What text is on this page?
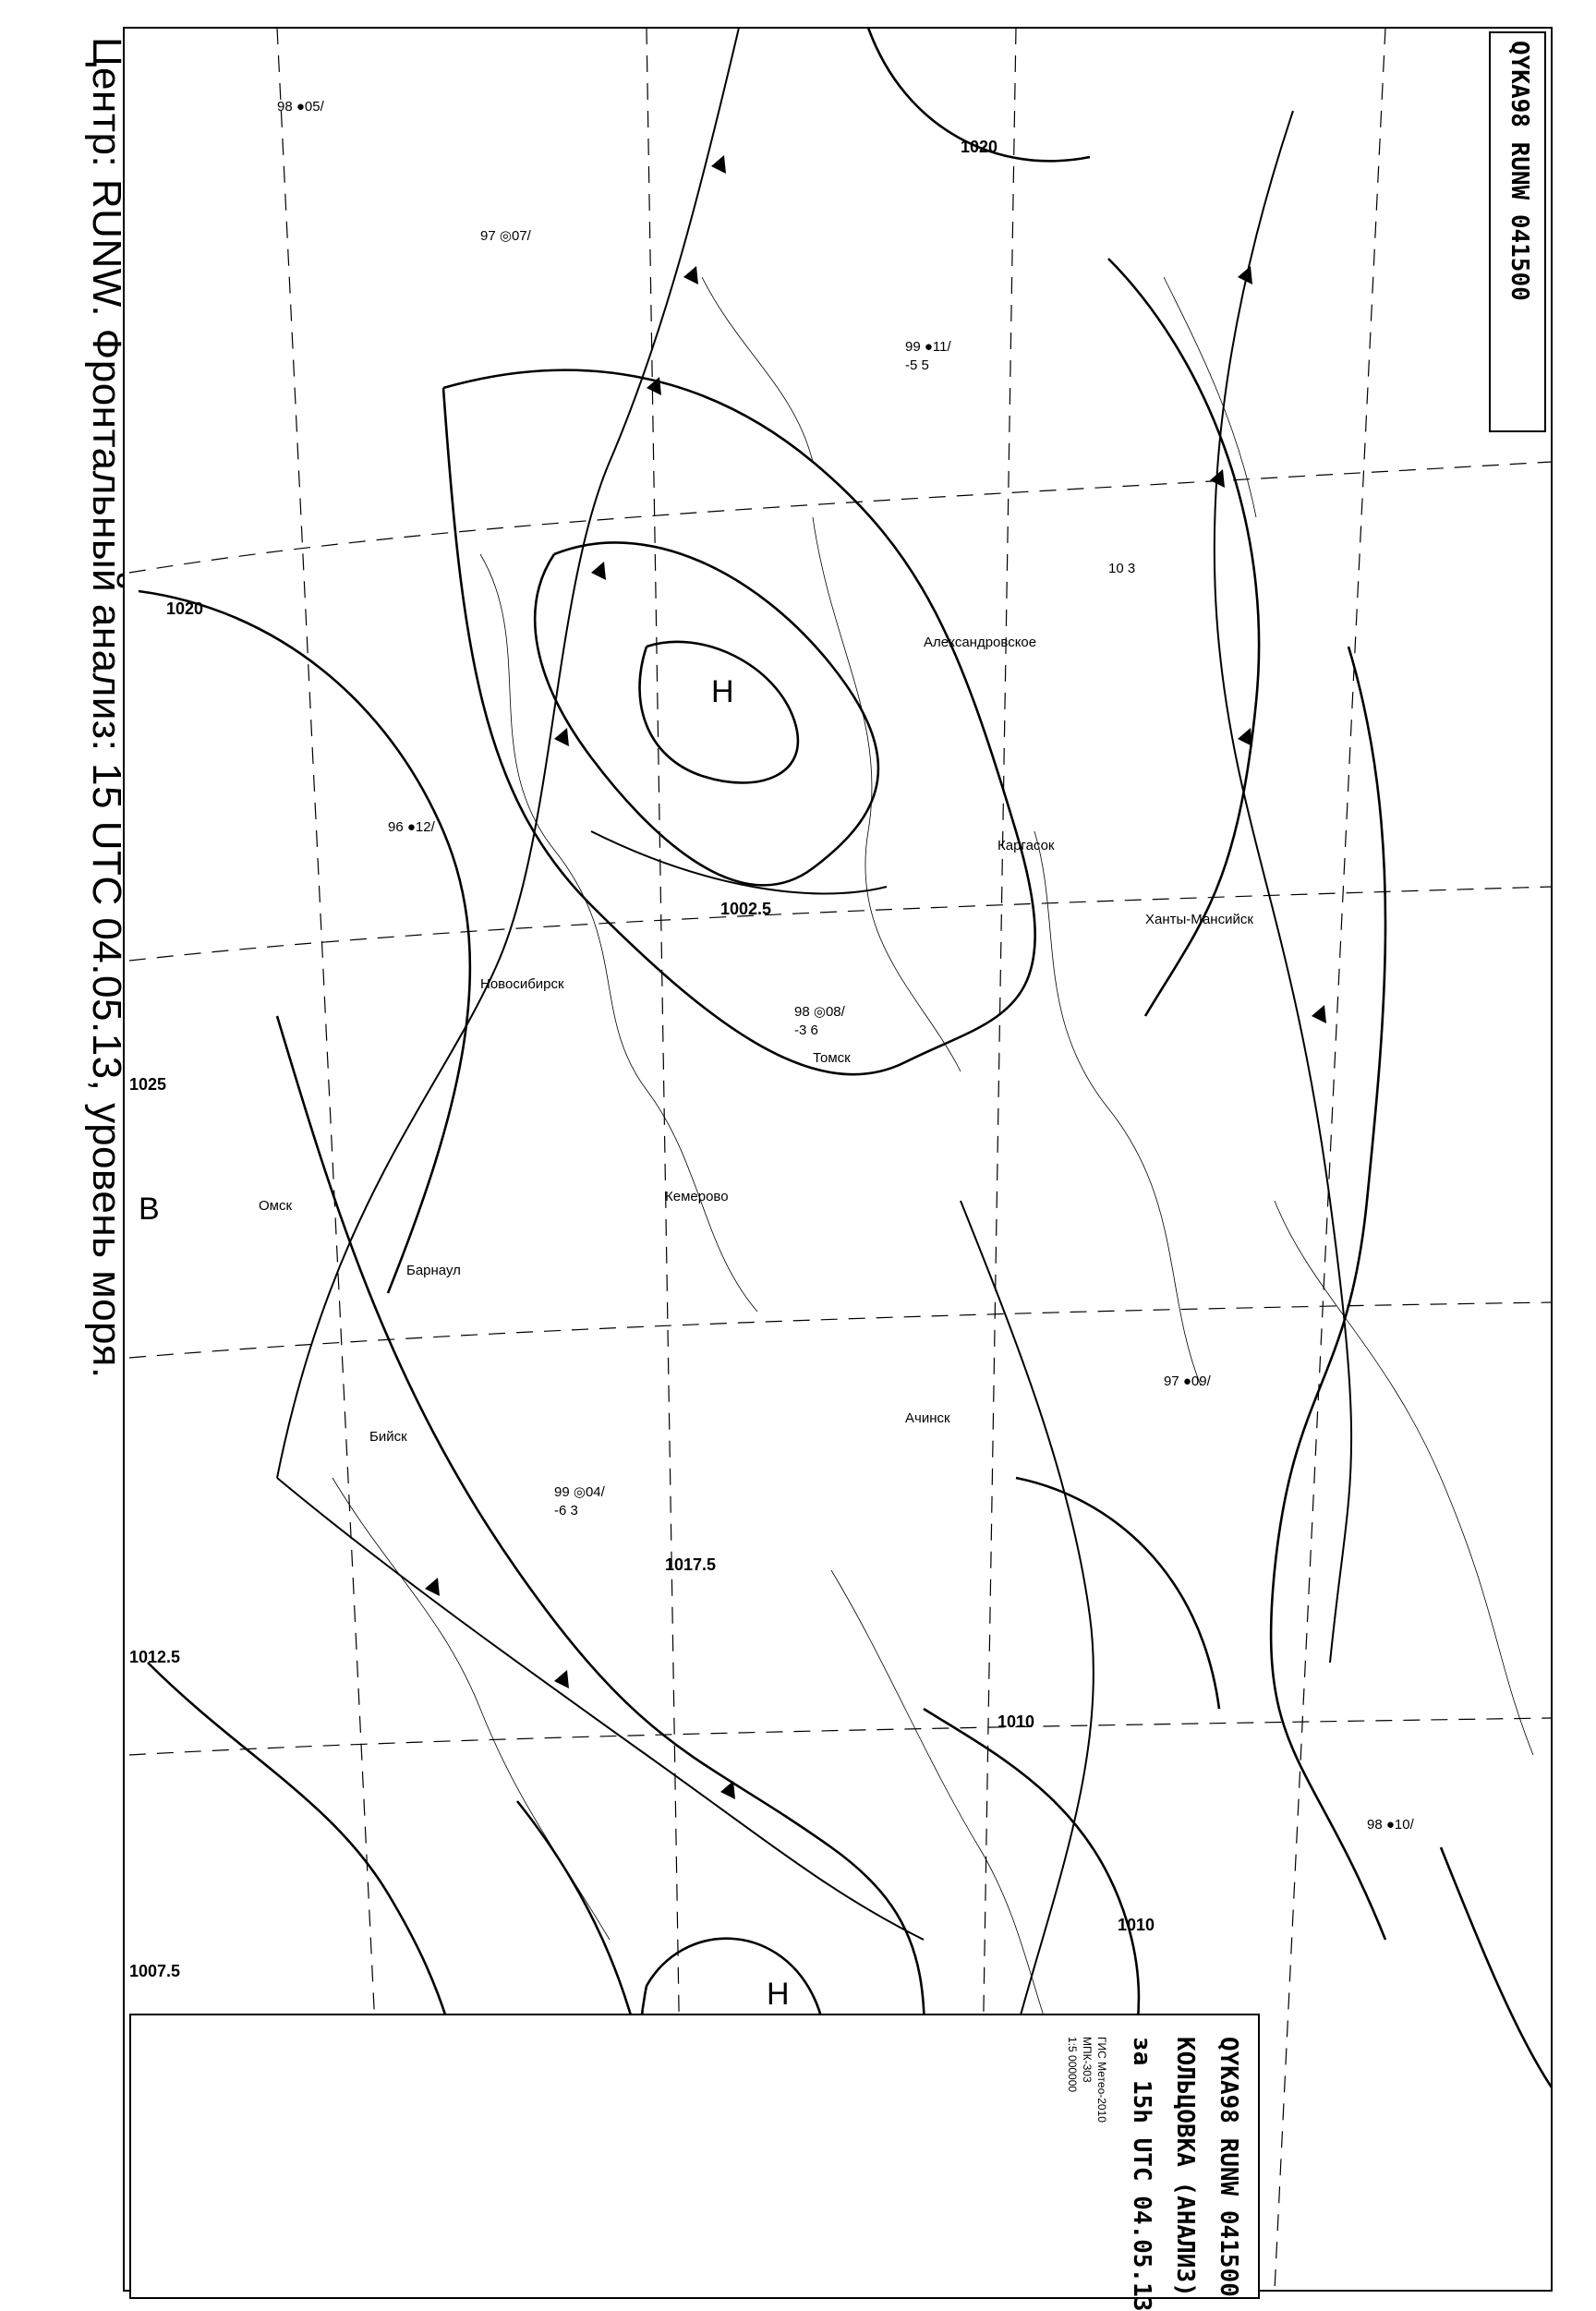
98 ●05/
97 ◎07/
99 ●11/
-5 5
10 3
96 ●12/
98 ◎08/
-3 6
97 ●09/
99 ◎04/
-6 3
98 ●10/
Омск
Новосибирск
Барнаул
Томск
Кемерово
Ачинск
Бийск
Александровское
Каргасок
Ханты-Мансийск
1020
1020
1025
1012.5
1010
1010
1007.5
1002.5
1017.5
Н
Н
В
Центр: RUNW. Фронтальный анализ: 15 UTC 04.05.13, уровень моря.	QYKA98 RUNW 041500
QYKA98 RUNW 041500
КОЛЬЦОВКА (АНАЛИЗ)
за 15h UTC 04.05.13
ГИС Метео-2010
МПК-303
1:5 000000
